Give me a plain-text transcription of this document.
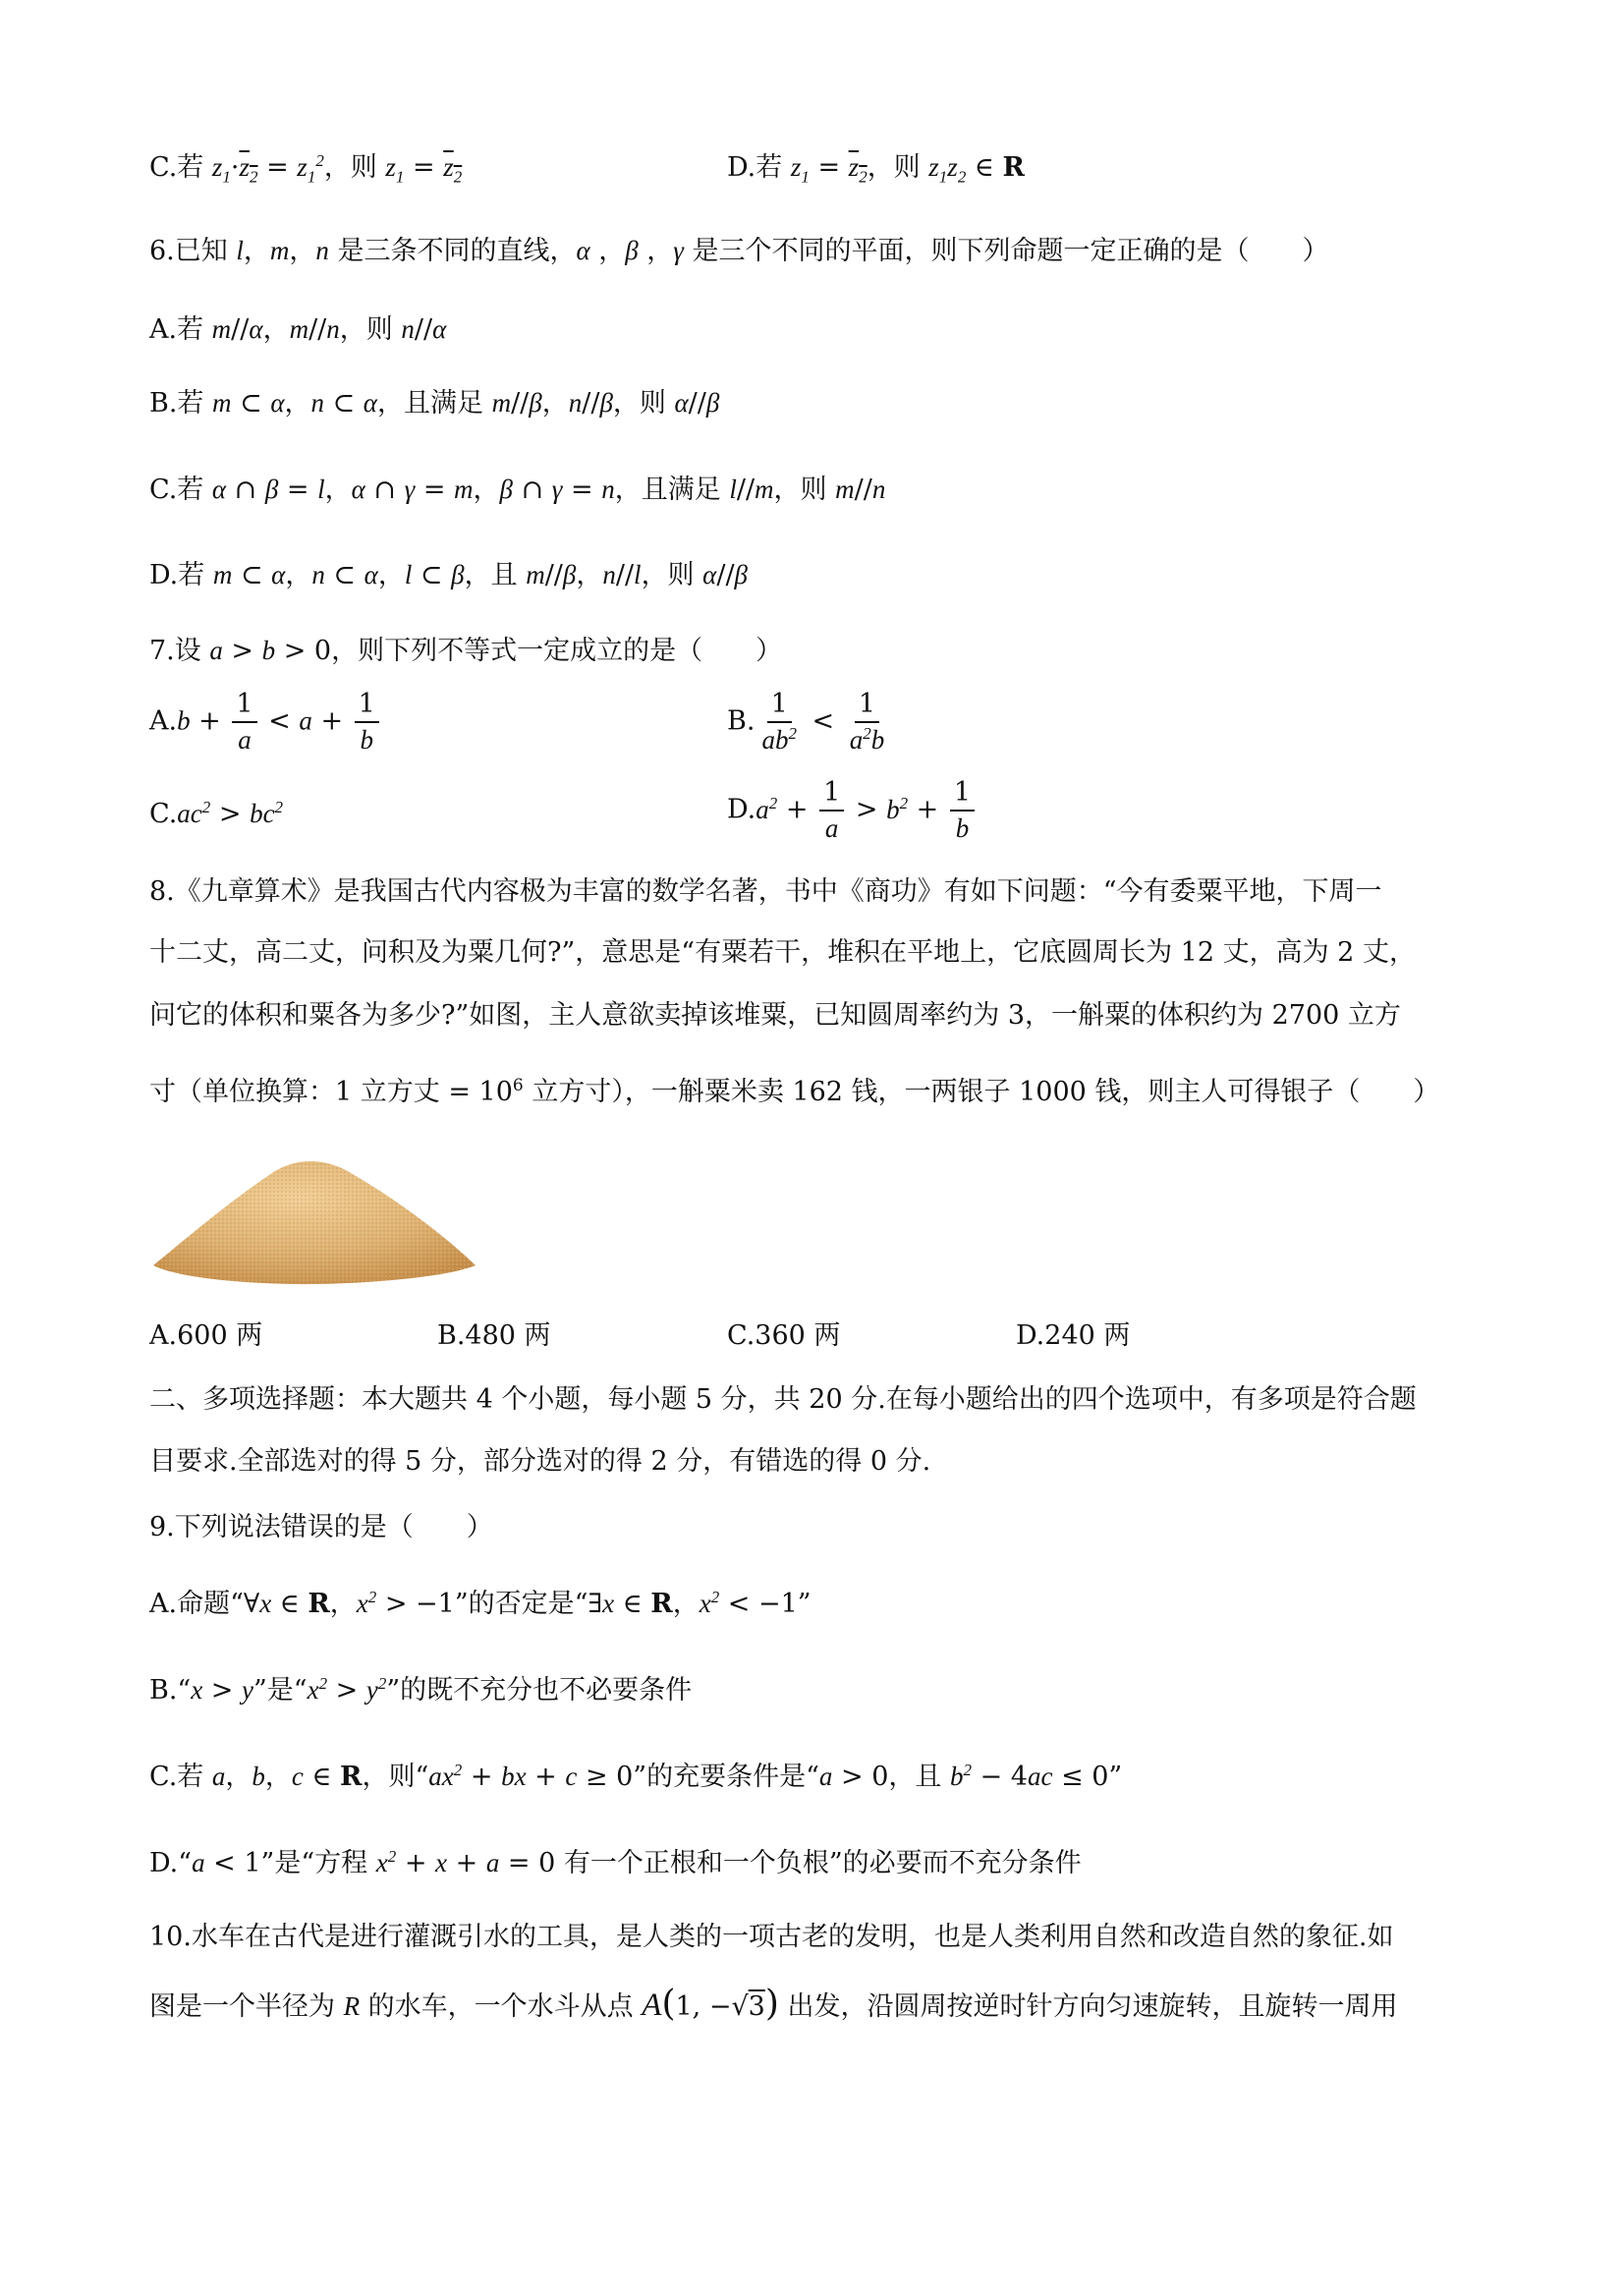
C.若 $z_1\cdot z_2 = z_1^2$，则 $z_1 = z_2$	D.若 $z_1 = z_2$，则 $z_1z_2$ ∈ R
6.已知 l，m，n 是三条不同的直线，α ，β ，γ 是三个不同的平面，则下列命题一定正确的是（　　）
A.若 m//α，m//n，则 n//α
B.若 m ⊂ α，n ⊂ α，且满足 m//β，n//β，则 α//β
C.若 α ∩ β = l，α ∩ γ = m，β ∩ γ = n，且满足 l//m，则 m//n
D.若 m ⊂ α，n ⊂ α，l ⊂ β，且 m//β，n//l，则 α//β
7.设 a > b > 0，则下列不等式一定成立的是（　　）
$A.b + \frac{1}{a} < a + \frac{1}{b}$	B. $\frac{1}{ab^2} < \frac{1}{a^2b}$
$C.ac^2 > bc^2$	$D.a^2 + \frac{1}{a} > b^2 + \frac{1}{b}$
8.《九章算术》是我国古代内容极为丰富的数学名著，书中《商功》有如下问题：“今有委粟平地，下周一
十二丈，高二丈，问积及为粟几何?”，意思是“有粟若干，堆积在平地上，它底圆周长为 12 丈，高为 2 丈，
问它的体积和粟各为多少?”如图，主人意欲卖掉该堆粟，已知圆周率约为 3，一斛粟的体积约为 2700 立方
寸（单位换算：1 立方丈 = $10^6$ 立方寸），一斛粟米卖 162 钱，一两银子 1000 钱，则主人可得银子（　　）
A.600 两	B.480 两	C.360 两	D.240 两
二、多项选择题：本大题共 4 个小题，每小题 5 分，共 20 分.在每小题给出的四个选项中，有多项是符合题
目要求.全部选对的得 5 分，部分选对的得 2 分，有错选的得 0 分.
9.下列说法错误的是（　　）
A.命题“∀x ∈ R，$x^2 > -1$”的否定是“∃x ∈ R，$x^2 < -1$”
B.“x > y”是“$x^2 > y^2$”的既不充分也不必要条件
C.若 a，b，c ∈ R，则“$ax^2$ + bx + c ≥ 0”的充要条件是“a > 0，且 $b^2 - 4ac \le 0$”
D.“a < 1”是“方程 $x^2 + x + a = 0$ 有一个正根和一个负根”的必要而不充分条件
10.水车在古代是进行灌溉引水的工具，是人类的一项古老的发明，也是人类利用自然和改造自然的象征.如
图是一个半径为 R 的水车，一个水斗从点 A(1, −√3) 出发，沿圆周按逆时针方向匀速旋转，且旋转一周用
